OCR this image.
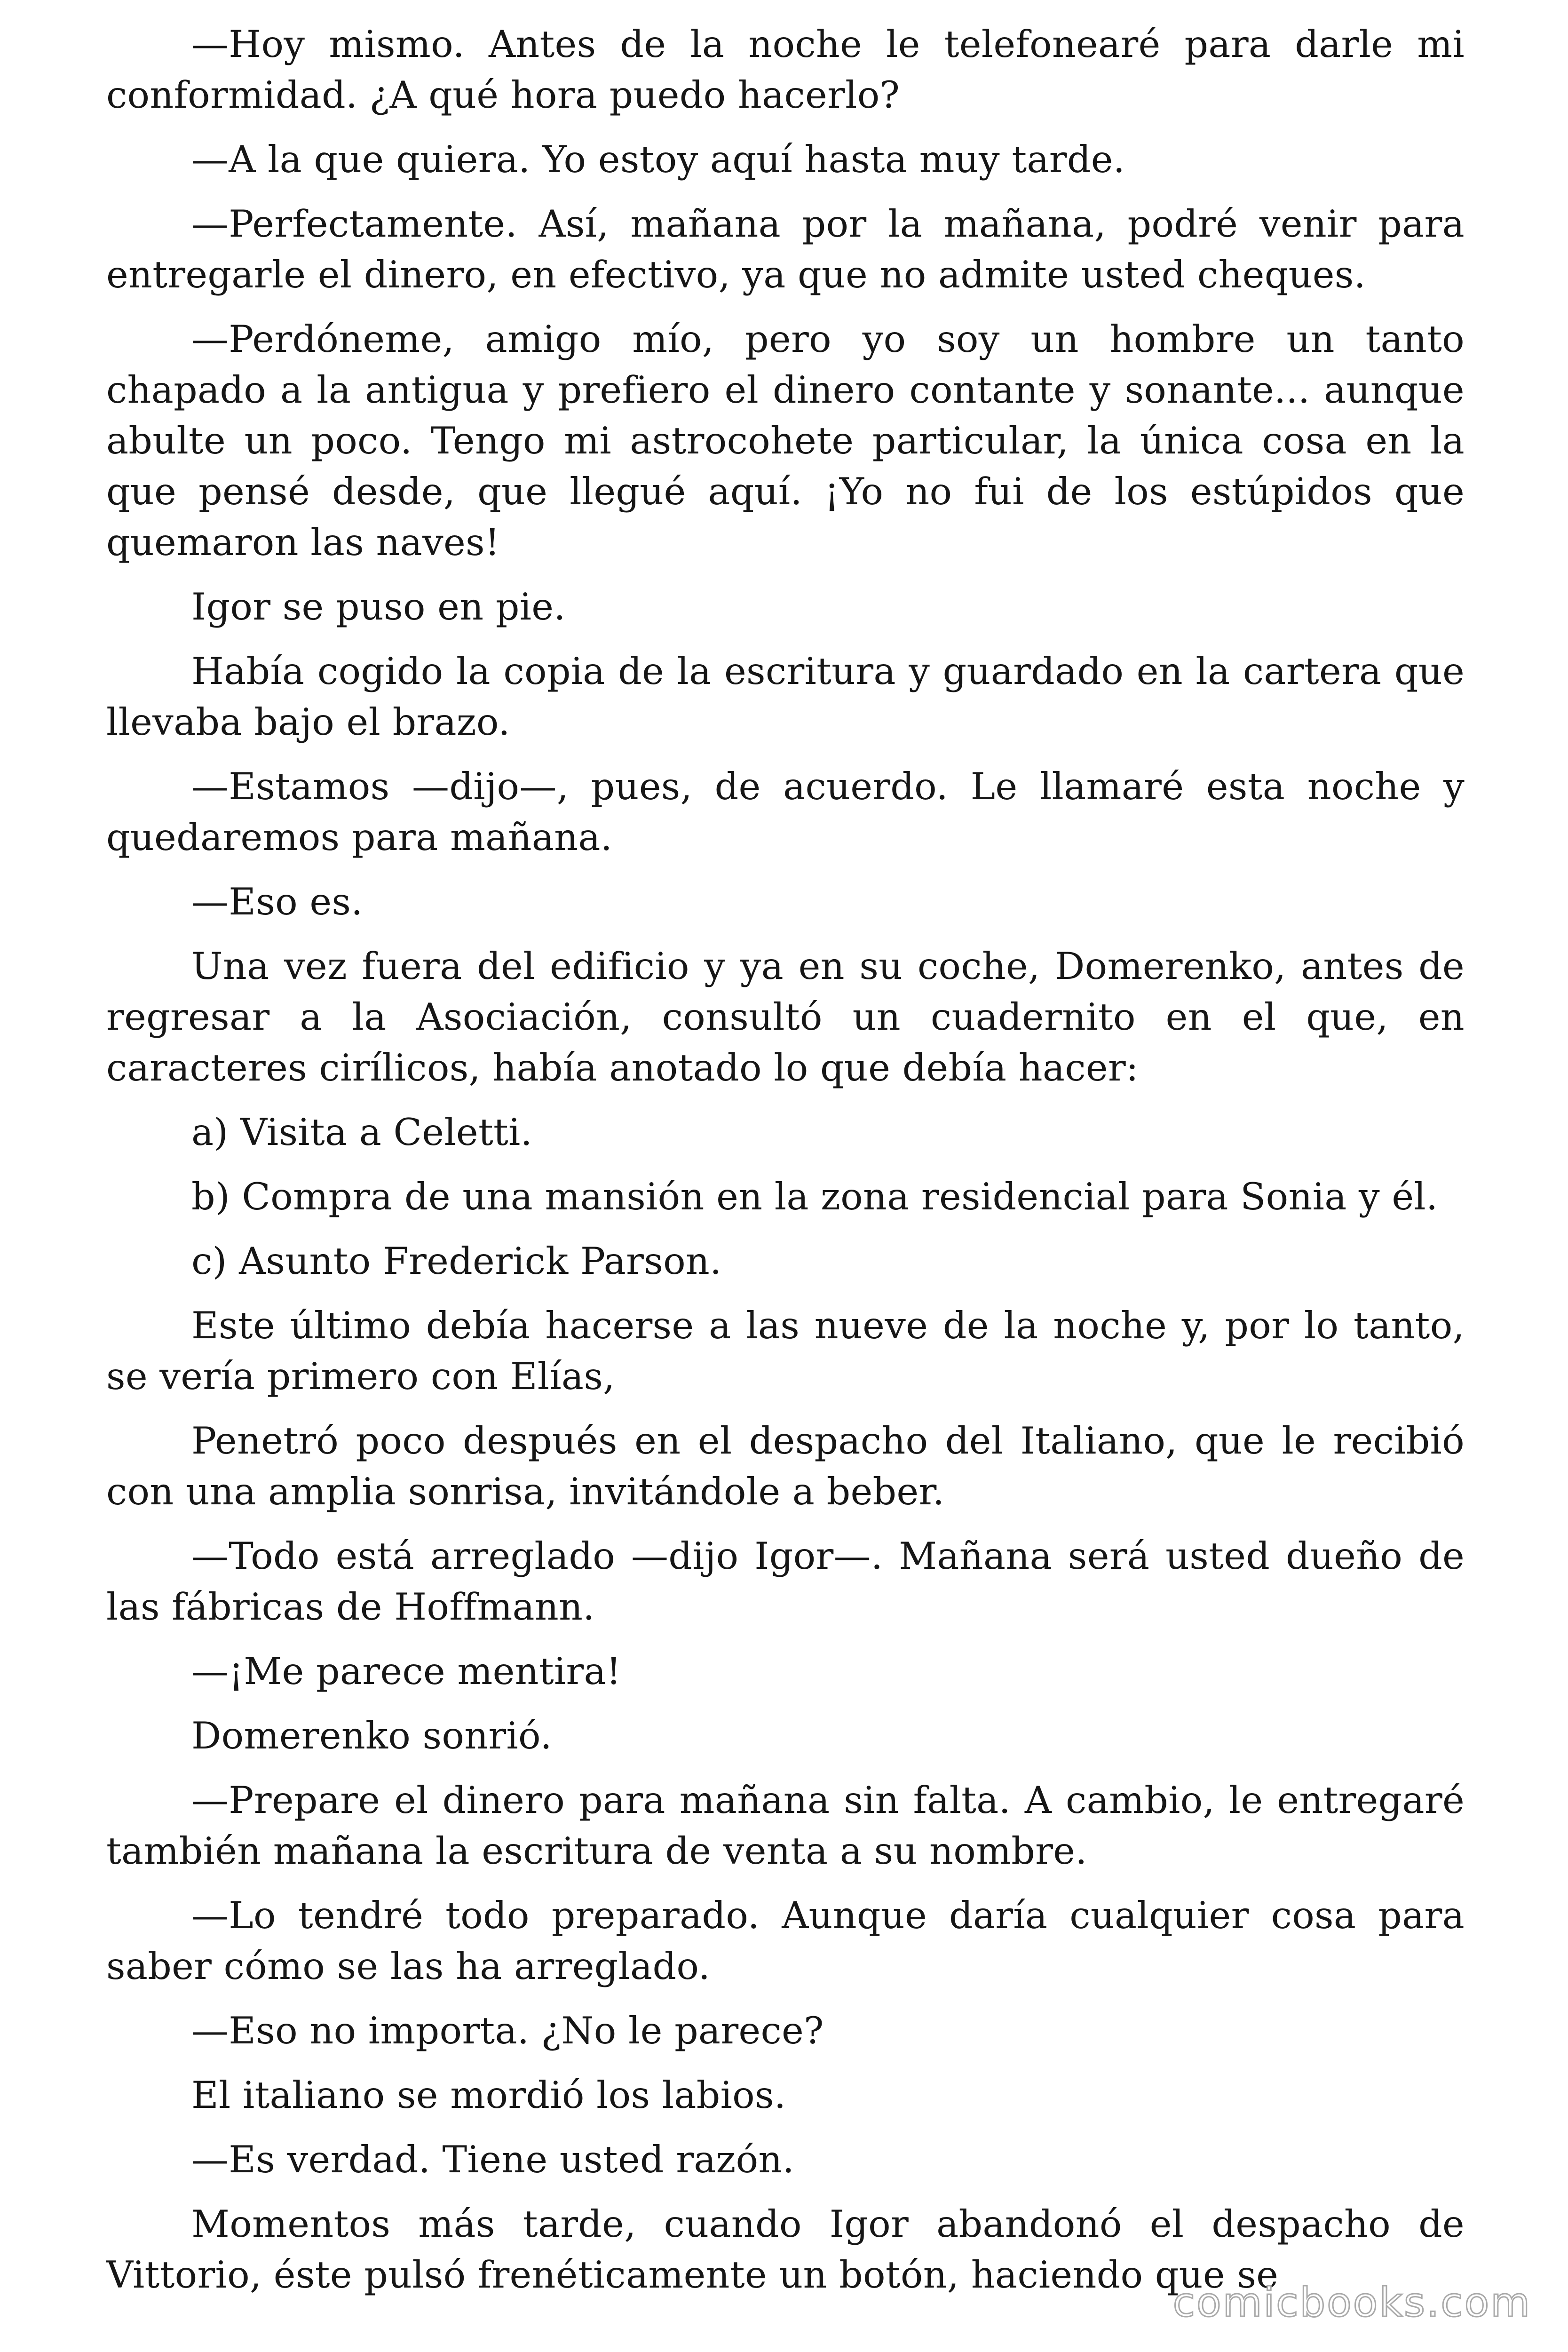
—Hoy mismo. Antes de la noche le telefonearé para darle mi conformidad. ¿A qué hora puedo hacerlo?

—A la que quiera. Yo estoy aquí hasta muy tarde.

—Perfectamente. Así, mañana por la mañana, podré venir para entregarle el dinero, en efectivo, ya que no admite usted cheques.

—Perdóneme, amigo mío, pero yo soy un hombre un tanto chapado a la antigua y prefiero el dinero contante y sonante... aunque abulte un poco. Tengo mi astrocohete particular, la única cosa en la que pensé desde, que llegué aquí. ¡Yo no fui de los estúpidos que quemaron las naves!

Igor se puso en pie.

Había cogido la copia de la escritura y guardado en la cartera que llevaba bajo el brazo.

—Estamos —dijo—, pues, de acuerdo. Le llamaré esta noche y quedaremos para mañana.

—Eso es.

Una vez fuera del edificio y ya en su coche, Domerenko, antes de regresar a la Asociación, consultó un cuadernito en el que, en caracteres cirílicos, había anotado lo que debía hacer:

a) Visita a Celetti.

b) Compra de una mansión en la zona residencial para Sonia y él.

c) Asunto Frederick Parson.

Este último debía hacerse a las nueve de la noche y, por lo tanto, se vería primero con Elías,

Penetró poco después en el despacho del Italiano, que le recibió con una amplia sonrisa, invitándole a beber.

—Todo está arreglado —dijo Igor—. Mañana será usted dueño de las fábricas de Hoffmann.

—¡Me parece mentira!

Domerenko sonrió.

—Prepare el dinero para mañana sin falta. A cambio, le entregaré también mañana la escritura de venta a su nombre.

—Lo tendré todo preparado. Aunque daría cualquier cosa para saber cómo se las ha arreglado.

—Eso no importa. ¿No le parece?

El italiano se mordió los labios.

—Es verdad. Tiene usted razón.

Momentos más tarde, cuando Igor abandonó el despacho de Vittorio, éste pulsó frenéticamente un botón, haciendo que se

comicbooks.com
